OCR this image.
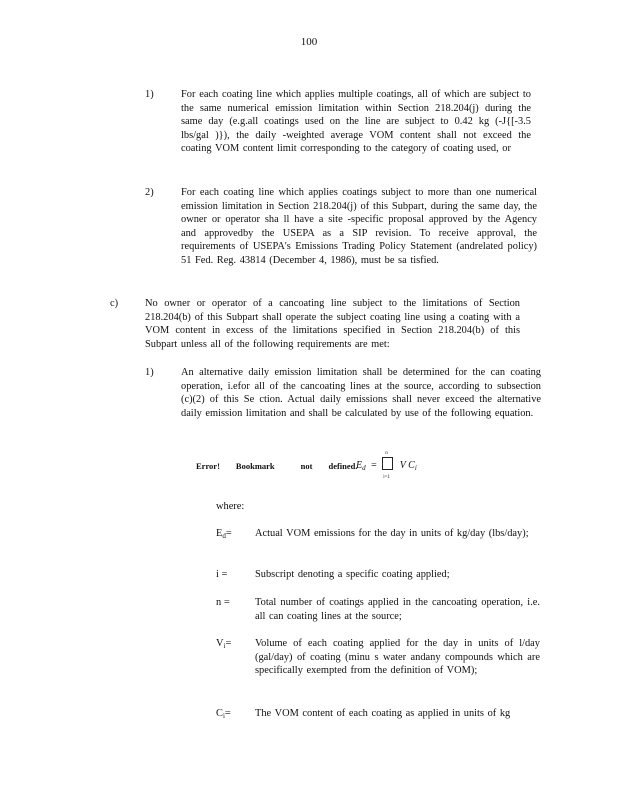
100
1)	For each coating line which applies multiple coatings, all of which are subject to the same numerical emission limitation within Section 218.204(j) during the same day (e.g.all coatings used on the line are subject to 0.42 kg (-J{[-3.5 lbs/gal )}), the daily -weighted average VOM content shall not exceed the coating VOM content limit corresponding to the category of coating used, or
2)	For each coating line which applies coatings subject to more than one numerical emission limitation in Section 218.204(j) of this Subpart, during the same day, the owner or operator sha ll have a site -specific proposal approved by the Agency and approvedby the USEPA as a SIP revision. To receive approval, the requirements of USEPA's Emissions Trading Policy Statement (andrelated policy) 51 Fed. Reg. 43814 (December 4, 1986), must be sa tisfied.
c)	No owner or operator of a cancoating line subject to the limitations of Section 218.204(b) of this Subpart shall operate the subject coating line using a coating with a VOM content in excess of the limitations specified in Section 218.204(b) of this Subpart unless all of the following requirements are met:
1)	An alternative daily emission limitation shall be determined for the can coating operation, i.efor all of the cancoating lines at the source, according to subsection (c)(2) of this Se ction. Actual daily emissions shall never exceed the alternative daily emission limitation and shall be calculated by use of the following equation.
Error! Bookmark	not defined.
$E_d$ =
n
i=1
V $C_i$
where:
$E_d=$ Actual VOM emissions for the day in units of kg/day (lbs/day);
i =	Subscript denoting a specific coating applied;
n = Total number of coatings applied in the cancoating operation, i.e. all can coating lines at the source;
$V_i=$ Volume of each coating applied for the day in units of l/day (gal/day) of coating (minu s water andany compounds which are specifically exempted from the definition of VOM);
$C_i=$ The VOM content of each coating as applied in units of kg
